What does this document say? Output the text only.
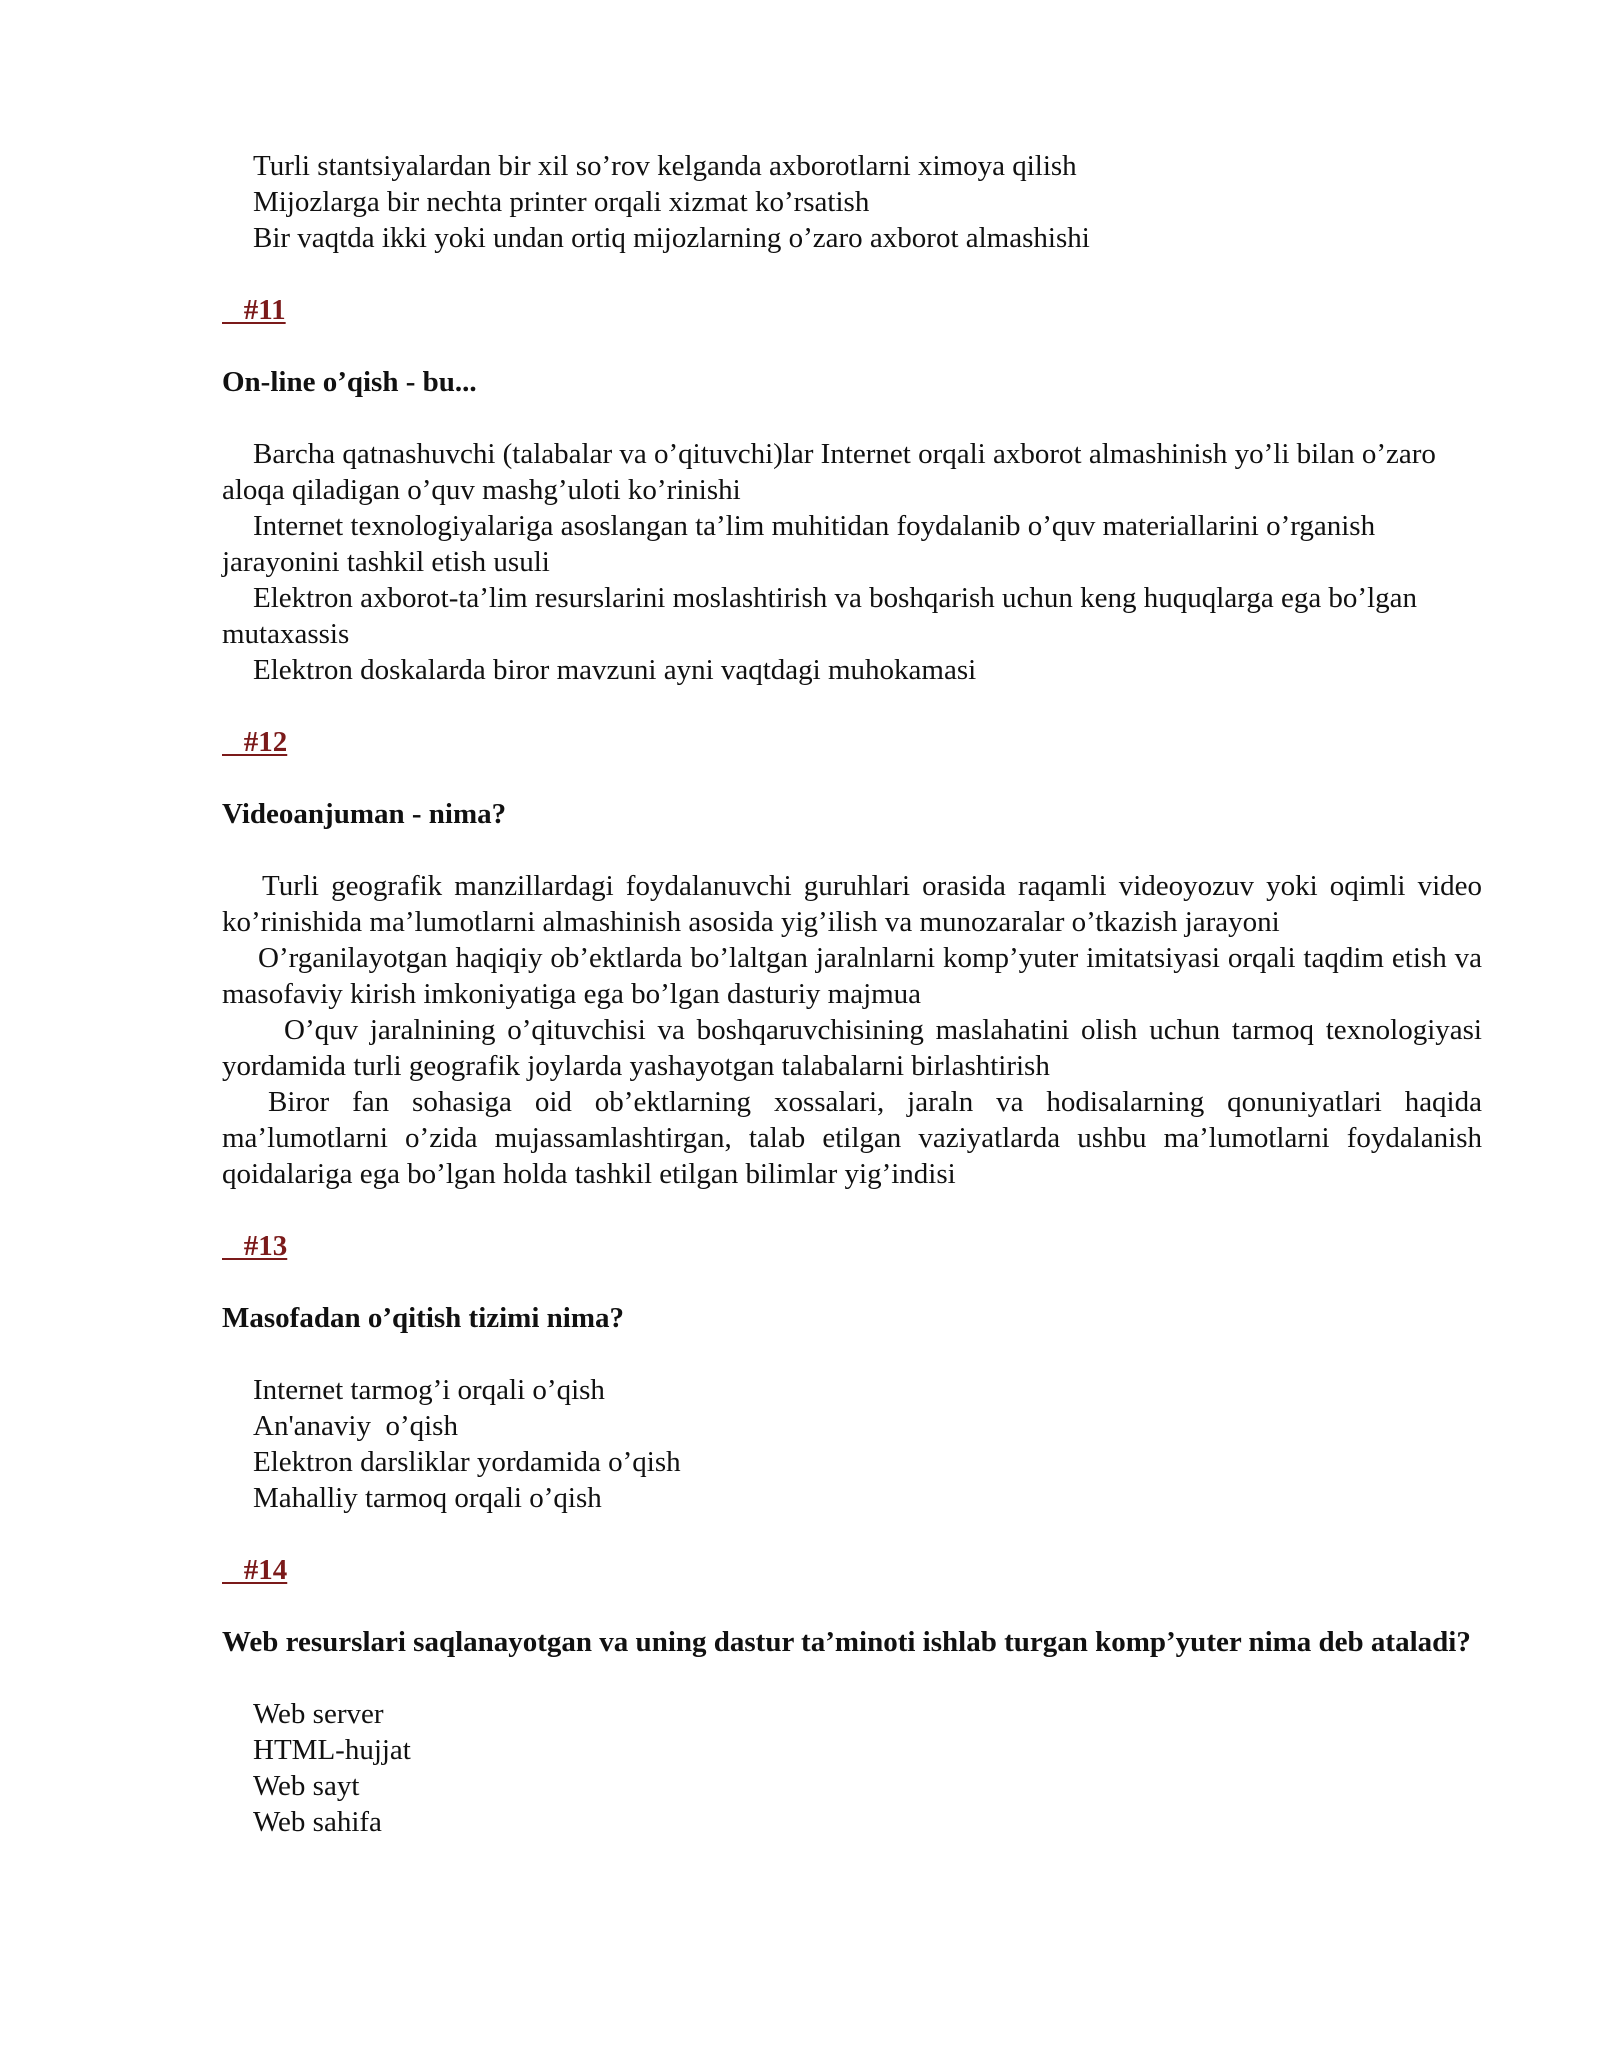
Turli stantsiyalardan bir xil so’rov kelganda axborotlarni ximoya qilish
Mijozlarga bir nechta printer orqali xizmat ko’rsatish
Bir vaqtda ikki yoki undan ortiq mijozlarning o’zaro axborot almashishi
#11
On-line o’qish - bu...
Barcha qatnashuvchi (talabalar va o’qituvchi)lar Internet orqali axborot almashinish yo’li bilan o’zaro aloqa qiladigan o’quv mashg’uloti ko’rinishi
Internet texnologiyalariga asoslangan ta’lim muhitidan foydalanib o’quv materiallarini o’rganish jarayonini tashkil etish usuli
Elektron axborot-ta’lim resurslarini moslashtirish va boshqarish uchun keng huquqlarga ega bo’lgan mutaxassis
Elektron doskalarda biror mavzuni ayni vaqtdagi muhokamasi
#12
Videoanjuman - nima?
Turli geografik manzillardagi foydalanuvchi guruhlari orasida raqamli videoyozuv yoki oqimli video ko’rinishida ma’lumotlarni almashinish asosida yig’ilish va munozaralar o’tkazish jarayoni
O’rganilayotgan haqiqiy ob’ektlarda bo’laltgan jaralnlarni komp’yuter imitatsiyasi orqali taqdim etish va masofaviy kirish imkoniyatiga ega bo’lgan dasturiy majmua
O’quv jaralnining o’qituvchisi va boshqaruvchisining maslahatini olish uchun tarmoq texnologiyasi yordamida turli geografik joylarda yashayotgan talabalarni birlashtirish
Biror fan sohasiga oid ob’ektlarning xossalari, jaraln va hodisalarning qonuniyatlari haqida ma’lumotlarni o’zida mujassamlashtirgan, talab etilgan vaziyatlarda ushbu ma’lumotlarni foydalanish qoidalariga ega bo’lgan holda tashkil etilgan bilimlar yig’indisi
#13
Masofadan o’qitish tizimi nima?
Internet tarmog’i orqali o’qish
An'anaviy  o’qish
Elektron darsliklar yordamida o’qish
Mahalliy tarmoq orqali o’qish
#14
Web resurslari saqlanayotgan va uning dastur ta’minoti ishlab turgan komp’yuter nima deb ataladi?
Web server
HTML-hujjat
Web sayt
Web sahifa
